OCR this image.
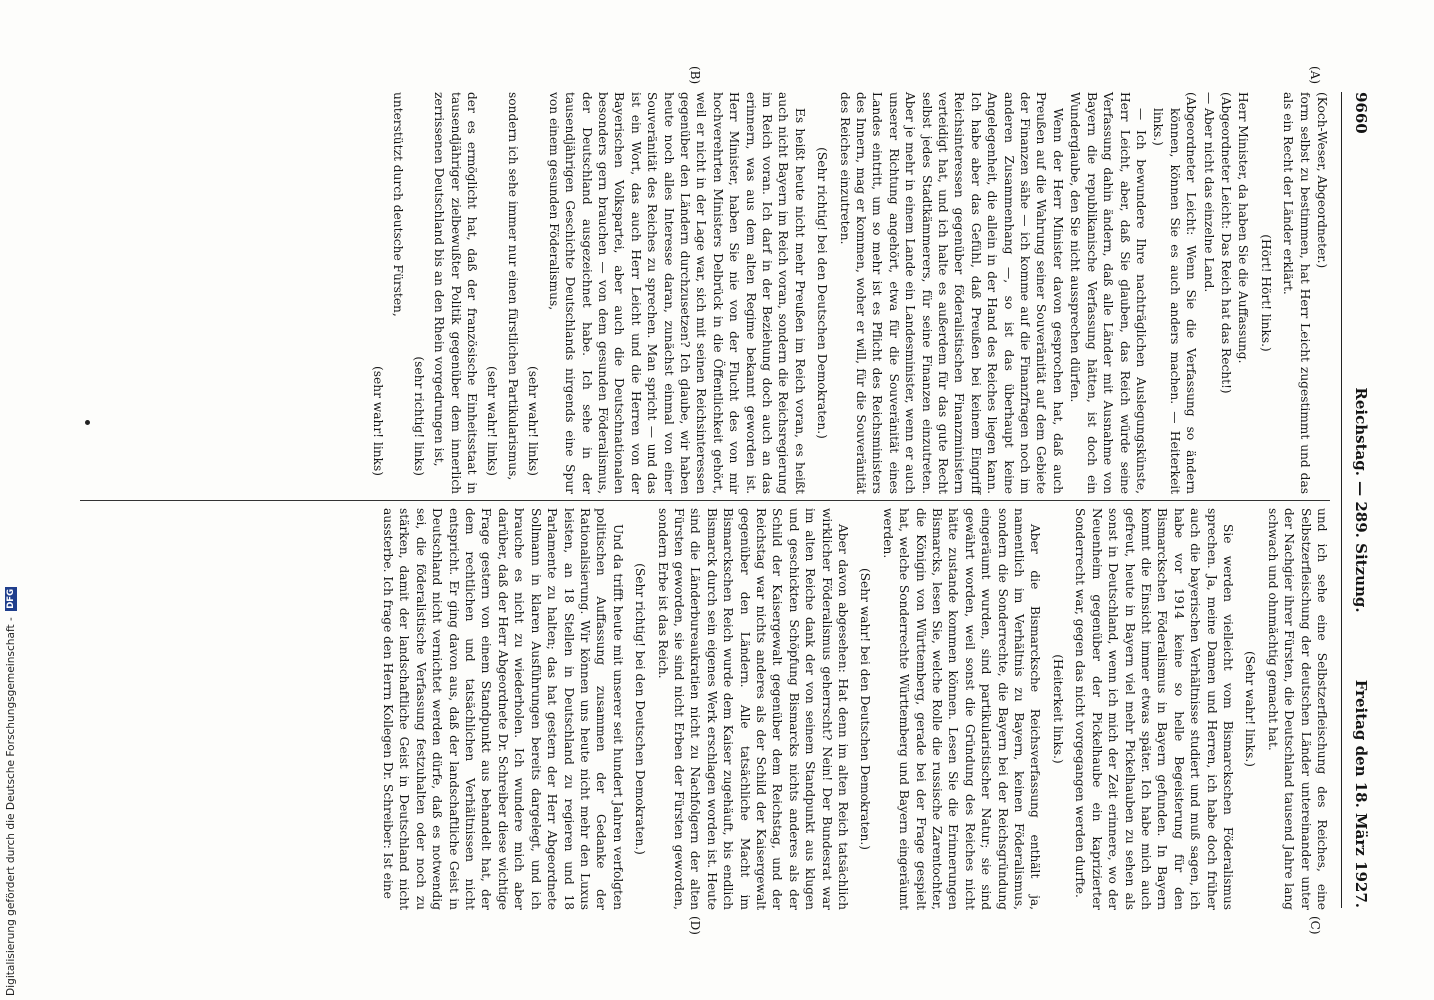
9660
Reichstag. — 289. Sitzung.
Freitag den 18. März 1927.
(A)
(B)
(C)
(D)

(Koch-Weser, Abgeordneter.)

form selbst zu bestimmen, hat Herr Leicht zugestimmt und das als ein Recht der Länder erklärt.

(Hört! Hört! links.)

Herr Minister, da haben Sie die Auffassung.

(Abgeordneter Leicht: Das Reich hat das Recht!)

— Aber nicht das einzelne Land.

(Abgeordneter Leicht: Wenn Sie die Verfassung so ändern können, können Sie es auch anders machen. — Heiterkeit links.)

— Ich bewundere Ihre nachträglichen Auslegungskünste, Herr Leicht, aber, daß Sie glauben, das Reich würde seine Verfassung dahin ändern, daß alle Länder mit Ausnahme von Bayern die republikanische Verfassung hätten, ist doch ein Wunderglaube, den Sie nicht aussprechen dürfen.

Wenn der Herr Minister davon gesprochen hat, daß auch Preußen auf die Wahrung seiner Souveränität auf dem Gebiete der Finanzen sähe — ich komme auf die Finanzfragen noch im anderen Zusammenhang —, so ist das überhaupt keine Angelegenheit, die allein in der Hand des Reiches liegen kann. Ich habe aber das Gefühl, daß Preußen bei keinem Eingriff Reichsinteressen gegenüber föderalistischen Finanzministern verteidigt hat, und ich halte es außerdem für das gute Recht selbst jedes Stadtkämmerers, für seine Finanzen einzutreten. Aber je mehr in einem Lande ein Landesminister, wenn er auch unserer Richtung angehört, etwa für die Souveränität eines Landes eintritt, um so mehr ist es Pflicht des Reichsministers des Innern, mag er kommen, woher er will, für die Souveränität des Reiches einzutreten.

(Sehr richtig! bei den Deutschen Demokraten.)

Es heißt heute nicht mehr Preußen im Reich voran, es heißt auch nicht Bayern im Reich voran, sondern die Reichsregierung im Reich voran. Ich darf in der Beziehung doch auch an das erinnern, was aus dem alten Regime bekannt geworden ist. Herr Minister, haben Sie nie von der Flucht des von mir hochverehrten Ministers Delbrück in die Öffentlichkeit gehört, weil er nicht in der Lage war, sich mit seinen Reichsinteressen gegenüber den Ländern durchzusetzen? Ich glaube, wir haben heute noch alles Interesse daran, zunächst einmal von einer Souveränität des Reiches zu sprechen. Man spricht — und das ist ein Wort, das auch Herr Leicht und die Herren von der Bayerischen Volkspartei, aber auch die Deutschnationalen besonders gern brauchen — von dem gesunden Föderalismus, der Deutschland ausgezeichnet habe. Ich sehe in der tausendjährigen Geschichte Deutschlands nirgends eine Spur von einem gesunden Föderalismus,

(sehr wahr! links)

sondern ich sehe immer nur einen fürstlichen Partikularismus,

(sehr wahr! links)

der es ermöglicht hat, daß der französische Einheitsstaat in tausendjähriger zielbewußter Politik gegenüber dem innerlich zerrissenen Deutschland bis an den Rhein vorgedrungen ist,

(sehr richtig! links)

unterstützt durch deutsche Fürsten,

(sehr wahr! links)

und ich sehe eine Selbstzerfleischung des Reiches, eine Selbstzerfleischung der deutschen Länder untereinander unter der Nachgier ihrer Fürsten, die Deutschland tausend Jahre lang schwach und ohnmächtig gemacht hat.

(Sehr wahr! links.)

Sie werden vielleicht vom Bismarckschen Föderalismus sprechen. Ja, meine Damen und Herren, ich habe doch früher auch die bayerischen Verhältnisse studiert und muß sagen, ich habe vor 1914 keine so helle Begeisterung für den Bismarckschen Föderalismus in Bayern gefunden. In Bayern kommt die Einsicht immer etwas später. Ich habe mich auch gefreut, heute in Bayern viel mehr Pickelhauben zu sehen als sonst in Deutschland, wenn ich mich der Zeit erinnere, wo der Neuenheim gegenüber der Pickelhaube ein kaprizierter Sonderrecht war, gegen das nicht vorgegangen werden durfte.

(Heiterkeit links.)

Aber die Bismarcksche Reichsverfassung enthält ja, namentlich im Verhältnis zu Bayern, keinen Föderalismus, sondern die Sonderrechte, die Bayern bei der Reichsgründung eingeräumt wurden, sind partikularistischer Natur; sie sind gewährt worden, weil sonst die Gründung des Reiches nicht hätte zustande kommen können. Lesen Sie die Erinnerungen Bismarcks, lesen Sie, welche Rolle die russische Zarentochter, die Königin von Württemberg, gerade bei der Frage gespielt hat, welche Sonderrechte Württemberg und Bayern eingeräumt werden.

(Sehr wahr! bei den Deutschen Demokraten.)

Aber davon abgesehen: Hat denn im alten Reich tatsächlich wirklicher Föderalismus geherrscht? Nein! Der Bundesrat war im alten Reiche dank der von seinem Standpunkt aus klugen und geschickten Schöpfung Bismarcks nichts anderes als der Schild der Kaisergewalt gegenüber dem Reichstag, und der Reichstag war nichts anderes als der Schild der Kaisergewalt gegenüber den Ländern. Alle tatsächliche Macht im Bismarckschen Reich wurde dem Kaiser zugehäuft, bis endlich Bismarck durch sein eigenes Werk erschlagen worden ist. Heute sind die Länderbureaukratien nicht zu Nachfolgern der alten Fürsten geworden, sie sind nicht Erben der Fürsten geworden, sondern Erbe ist das Reich.

(Sehr richtig! bei den Deutschen Demokraten.)

Und da trifft heute mit unserer seit hundert Jahren verfolgten politischen Auffassung zusammen der Gedanke der Rationalisierung. Wir können uns heute nicht mehr den Luxus leisten, an 18 Stellen in Deutschland zu regieren und 18 Parlamente zu halten; das hat gestern der Herr Abgeordnete Sollmann in klaren Ausführungen bereits dargelegt, und ich brauche es nicht zu wiederholen. Ich wundere mich aber darüber, daß der Herr Abgeordnete Dr. Schreiber diese wichtige Frage gestern von einem Standpunkt aus behandelt hat, der dem rechtlichen und tatsächlichen Verhältnissen nicht entspricht. Er ging davon aus, daß der landschaftliche Geist in Deutschland nicht vernichtet werden dürfe, daß es notwendig sei, die föderalistische Verfassung festzuhalten oder noch zu stärken, damit der landschaftliche Geist in Deutschland nicht aussterbe. Ich frage den Herrn Kollegen Dr. Schreiber: Ist eine

Digitalisierung gefördert durch die Deutsche Forschungsgemeinschaft - DFG
